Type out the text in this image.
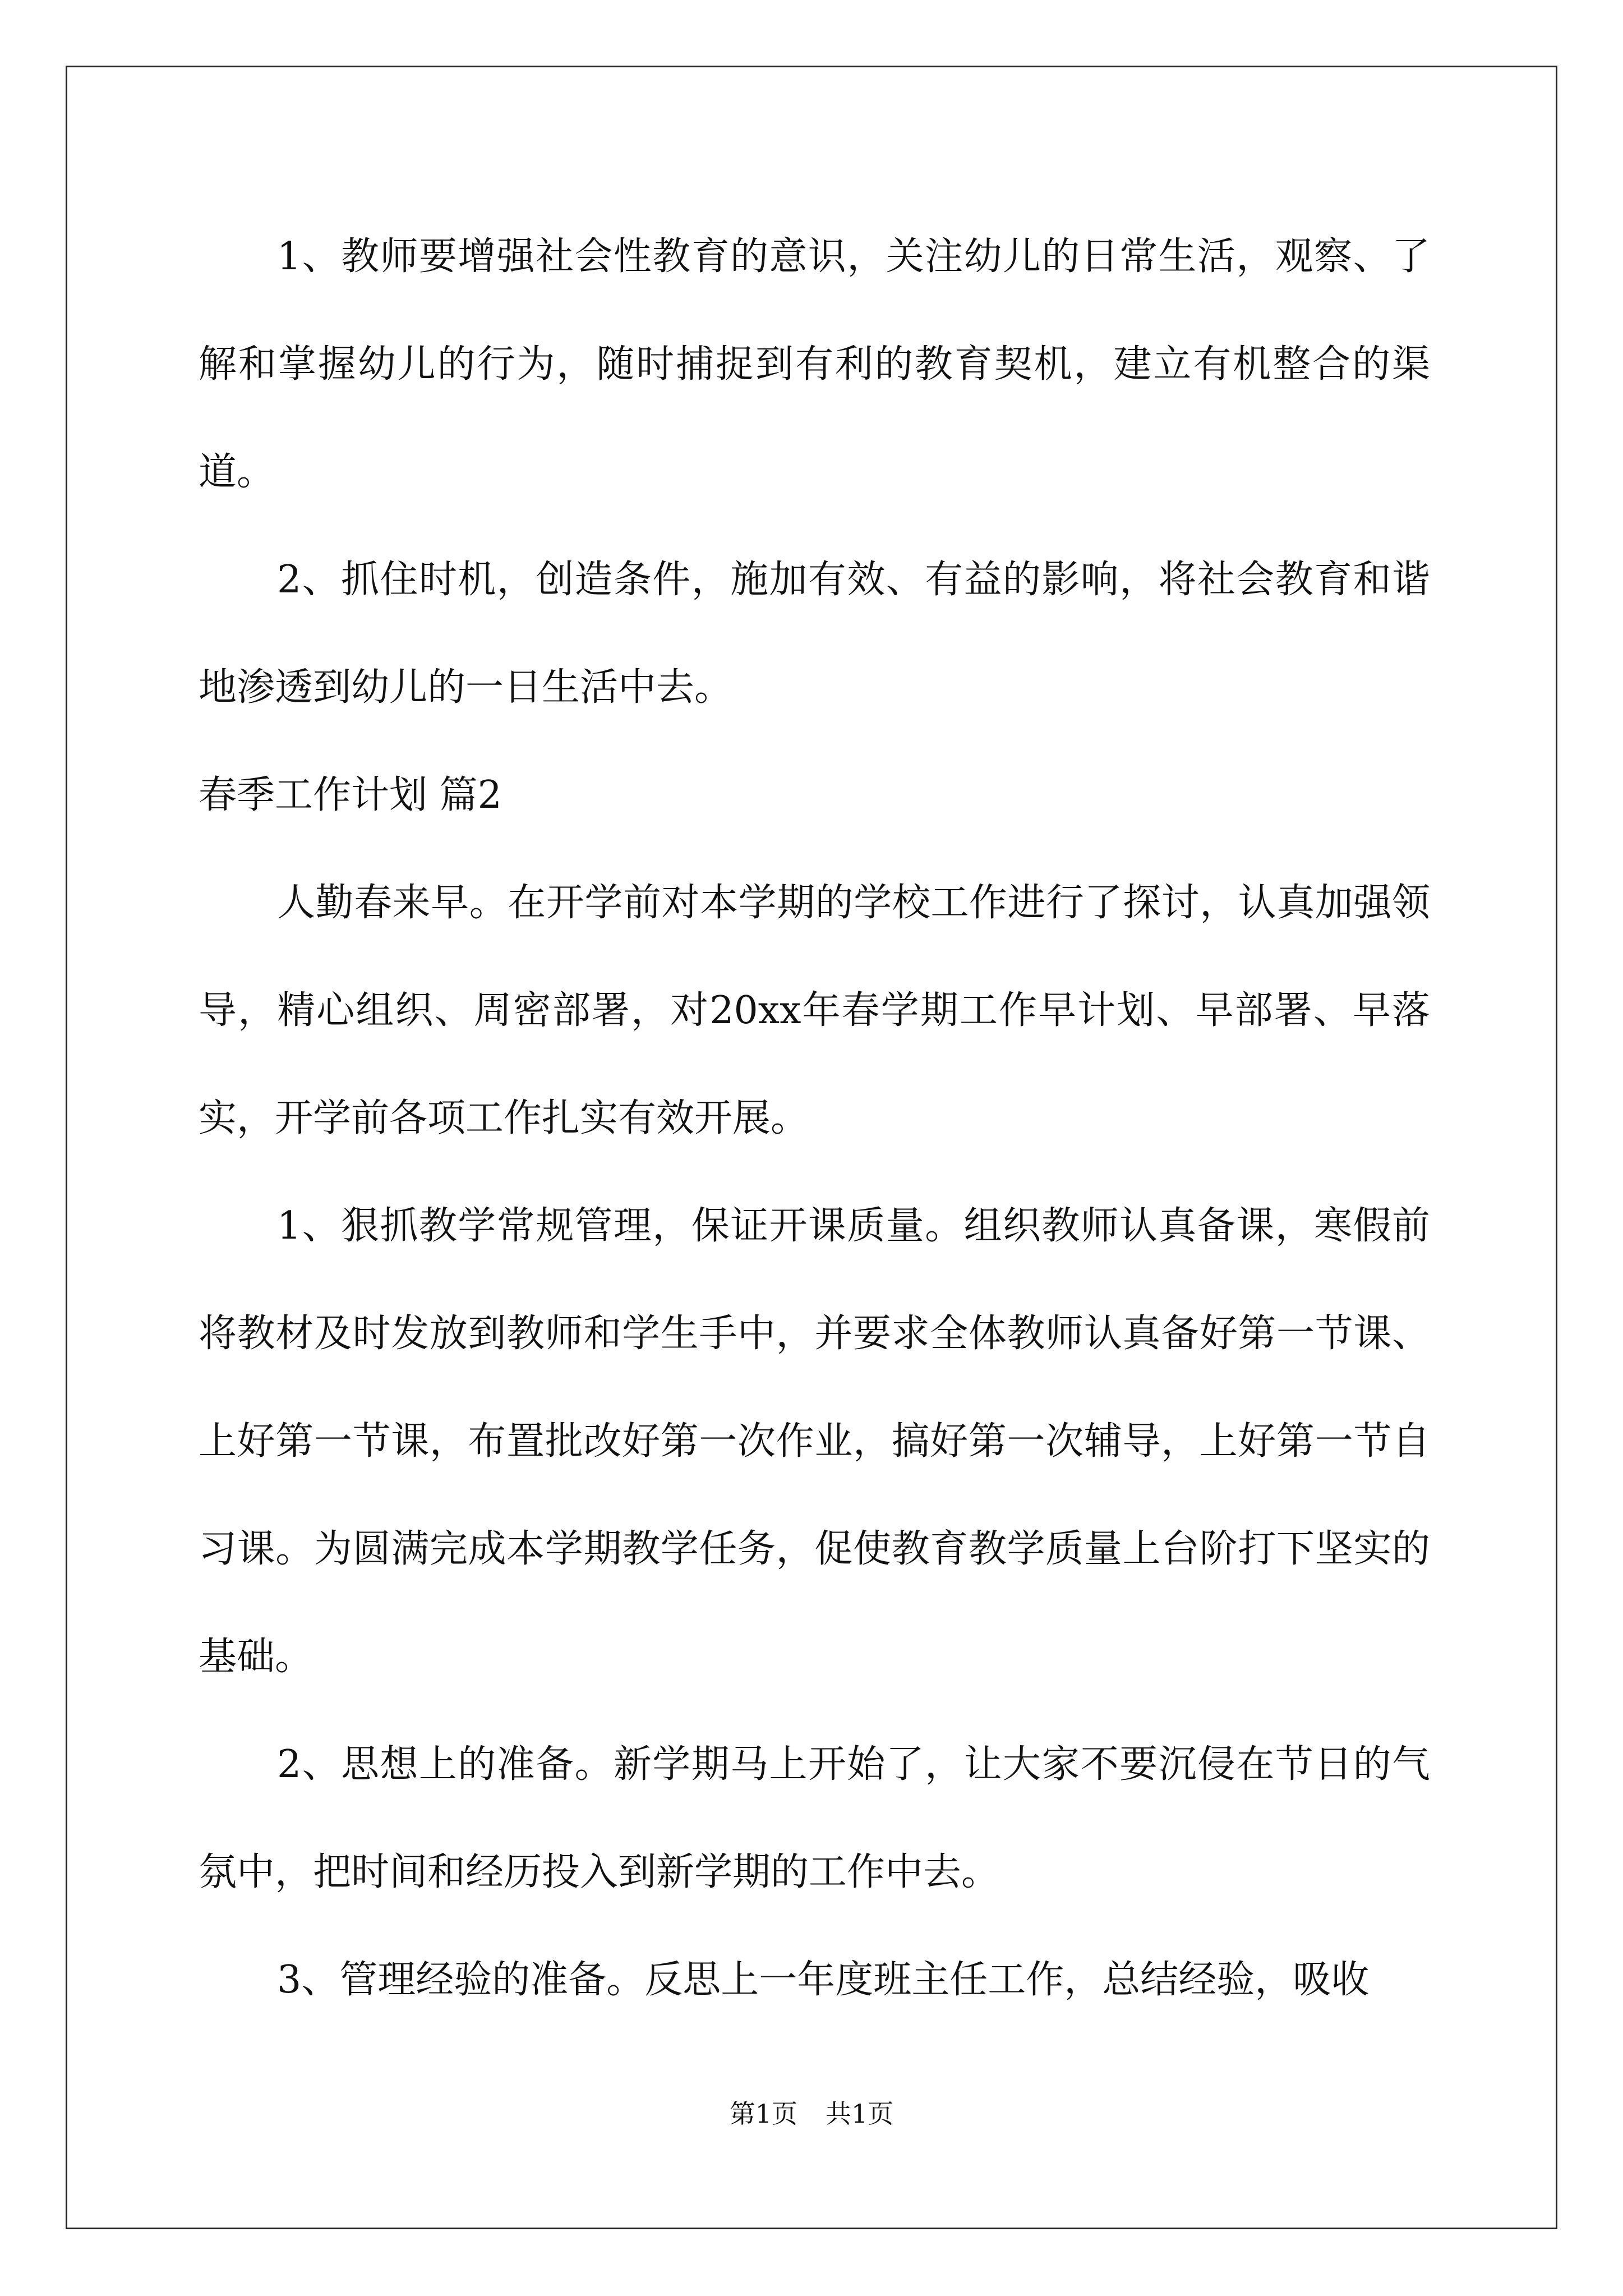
1、教师要增强社会性教育的意识，关注幼儿的日常生活，观察、了解和掌握幼儿的行为，随时捕捉到有利的教育契机，建立有机整合的渠道。

2、抓住时机，创造条件，施加有效、有益的影响，将社会教育和谐地渗透到幼儿的一日生活中去。

春季工作计划 篇2

人勤春来早。在开学前对本学期的学校工作进行了探讨，认真加强领导，精心组织、周密部署，对20xx年春学期工作早计划、早部署、早落实，开学前各项工作扎实有效开展。

1、狠抓教学常规管理，保证开课质量。组织教师认真备课，寒假前将教材及时发放到教师和学生手中，并要求全体教师认真备好第一节课、上好第一节课，布置批改好第一次作业，搞好第一次辅导，上好第一节自习课。为圆满完成本学期教学任务，促使教育教学质量上台阶打下坚实的基础。

2、思想上的准备。新学期马上开始了，让大家不要沉侵在节日的气氛中，把时间和经历投入到新学期的工作中去。

3、管理经验的准备。反思上一年度班主任工作，总结经验，吸收

第1页 共1页
